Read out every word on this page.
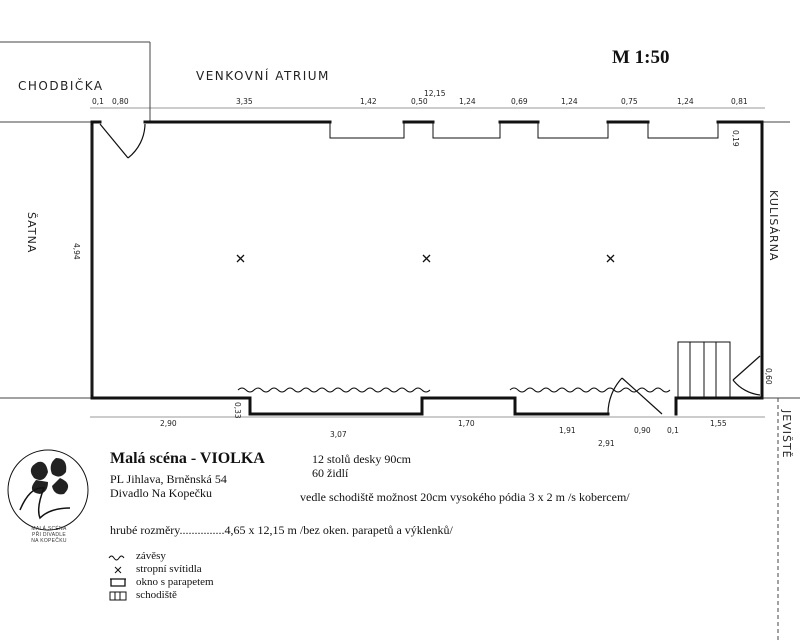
CHODBIČKA
VENKOVNÍ ATRIUM
M 1:50
ŠATNA	KULISÁRNA
JEVIŠTĚ
12,15
0,1 0,80	3,35	1,42	0,50	1,24	0,69	1,24	0,75	1,24	0,81
0,19
4,94
2,90
0,33
3,07
1,70
1,91	0,90 0,1
1,55
2,91
0,60
MALÁ SCÉNA
PŘI DIVADLE
NA KOPEČKU
Malá scéna - VIOLKA
PL Jihlava, Brněnská 54
Divadlo Na Kopečku
12 stolů desky 90cm
60 židlí
vedle schodiště možnost 20cm vysokého pódia 3 x 2 m /s kobercem/
hrubé rozměry...............4,65 x 12,15 m /bez oken. parapetů a výklenků/
závěsy
stropní svítidla
okno s parapetem
schodiště
